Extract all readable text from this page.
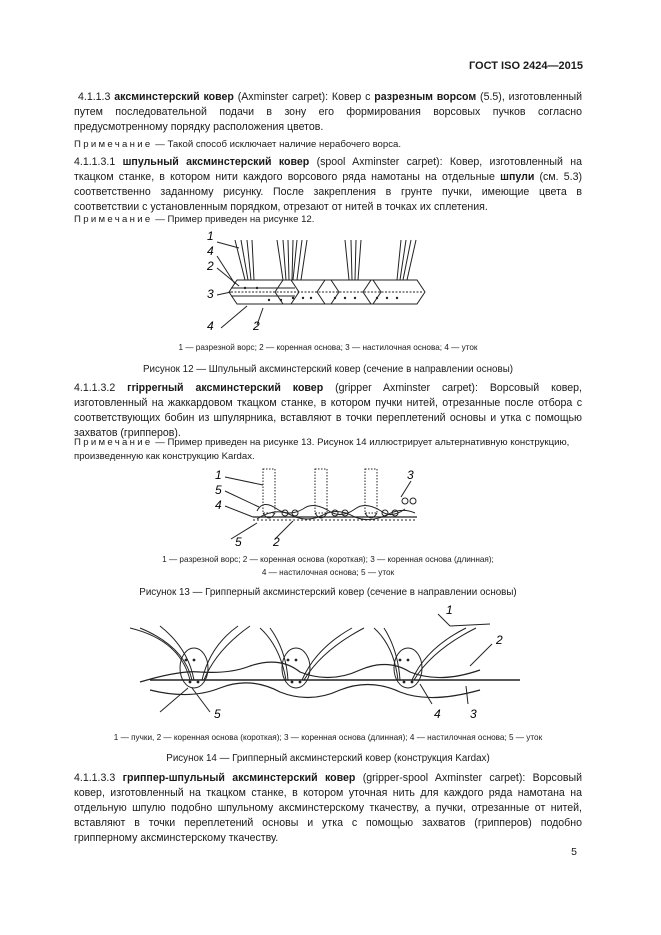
ГОСТ ISO 2424—2015
4.1.1.3 аксминстерский ковер (Axminster carpet): Ковер с разрезным ворсом (5.5), изготовленный путем последовательной подачи в зону его формирования ворсовых пучков согласно предусмотренному порядку расположения цветов.
Примечание — Такой способ исключает наличие нерабочего ворса.
4.1.1.3.1 шпульный аксминстерский ковер (spool Axminster carpet): Ковер, изготовленный на ткацком станке, в котором нити каждого ворсового ряда намотаны на отдельные шпули (см. 5.3) соответственно заданному рисунку. После закрепления в грунте пучки, имеющие цвета в соответствии с установленным порядком, отрезают от нитей в точках их сплетения.
Примечание — Пример приведен на рисунке 12.
1
4
2
3
4	2
1 — разрезной ворс; 2 — коренная основа; 3 — настилочная основа; 4 — уток
Рисунок 12 — Шпульный аксминстерский ковер (сечение в направлении основы)
4.1.1.3.2 гripperный аксминстерский ковер (gripper Axminster carpet): Ворсовый ковер, изготовленный на жаккардовом ткацком станке, в котором пучки нитей, отрезанные после отбора с соответствующих бобин из шпулярника, вставляют в точки переплетений основы и утка с помощью захватов (грипперов).
Примечание — Пример приведен на рисунке 13. Рисунок 14 иллюстрирует альтернативную конструкцию, произведенную как конструкцию Kardax.
1
5
4
5	2
3
1 — разрезной ворс; 2 — коренная основа (короткая); 3 — коренная основа (длинная);
4 — настилочная основа; 5 — уток
Рисунок 13 — Грипперный аксминстерский ковер (сечение в направлении основы)
1
2
5	4 3
1 — пучки, 2 — коренная основа (короткая); 3 — коренная основа (длинная); 4 — настилочная основа; 5 — уток
Рисунок 14 — Грипперный аксминстерский ковер (конструкция Kardax)
4.1.1.3.3 гриппер-шпульный аксминстерский ковер (gripper-spool Axminster carpet): Ворсовый ковер, изготовленный на ткацком станке, в котором уточная нить для каждого ряда намотана на отдельную шпулю подобно шпульному аксминстерскому ткачеству, а пучки, отрезанные от нитей, вставляют в точки переплетений основы и утка с помощью захватов (грипперов) подобно грипперному аксминстерскому ткачеству.
5
